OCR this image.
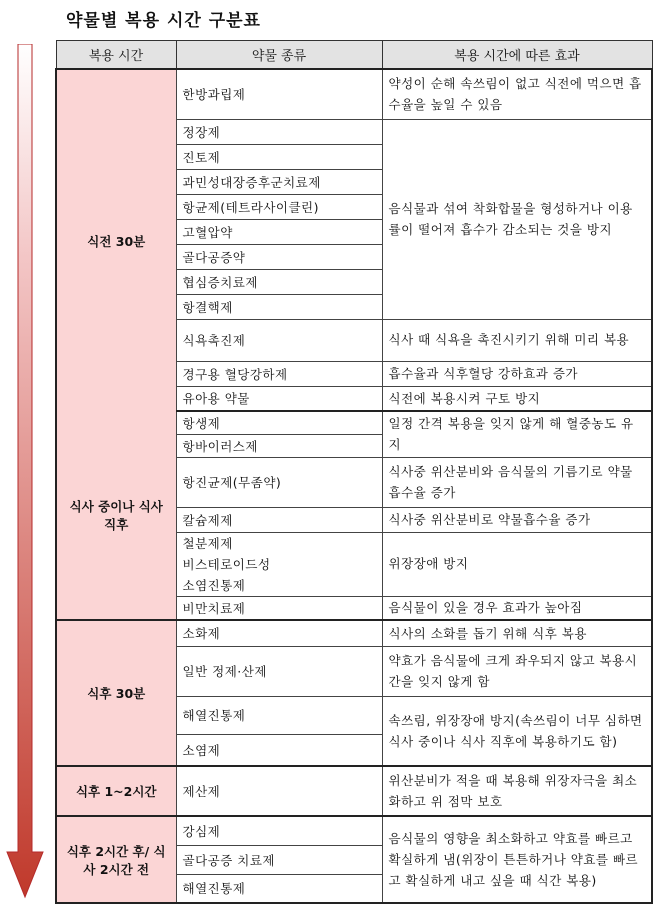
약물별 복용 시간 구분표
복용 시간	약물 종류	복용 시간에 따른 효과
식전 30분	한방과립제	약성이 순해 속쓰림이 없고 식전에 먹으면 흡수율을 높일 수 있음
	정장제	음식물과 섞여 착화합물을 형성하거나 이용률이 떨어져 흡수가 감소되는 것을 방지
	진토제	
	과민성대장증후군치료제	
	항균제(테트라사이클린)	
	고혈압약	
	골다공증약	
	협심증치료제	
	항결핵제	
	식욕촉진제	식사 때 식욕을 촉진시키기 위해 미리 복용
	경구용 혈당강하제	흡수율과 식후혈당 강하효과 증가
	유아용 약물	식전에 복용시켜 구토 방지
식사 중이나 식사 직후	항생제	일정 간격 복용을 잊지 않게 해 혈중농도 유지
	항바이러스제	
	항진균제(무좀약)	식사중 위산분비와 음식물의 기름기로 약물흡수율 증가
	칼슘제제	식사중 위산분비로 약물흡수율 증가
	철분제제	위장장애 방지
	비스테로이드성	
	소염진통제	
	비만치료제	음식물이 있을 경우 효과가 높아짐
식후 30분	소화제	식사의 소화를 돕기 위해 식후 복용
	일반 정제·산제	약효가 음식물에 크게 좌우되지 않고 복용시간을 잊지 않게 함
	해열진통제	속쓰림, 위장장애 방지(속쓰림이 너무 심하면 식사 중이나 식사 직후에 복용하기도 함)
	소염제	
식후 1~2시간	제산제	위산분비가 적을 때 복용해 위장자극을 최소화하고 위 점막 보호
식후 2시간 후/ 식사 2시간 전	강심제	음식물의 영향을 최소화하고 약효를 빠르고 확실하게 냄(위장이 튼튼하거나 약효를 빠르고 확실하게 내고 싶을 때 식간 복용)
	골다공증 치료제	
	해열진통제	
